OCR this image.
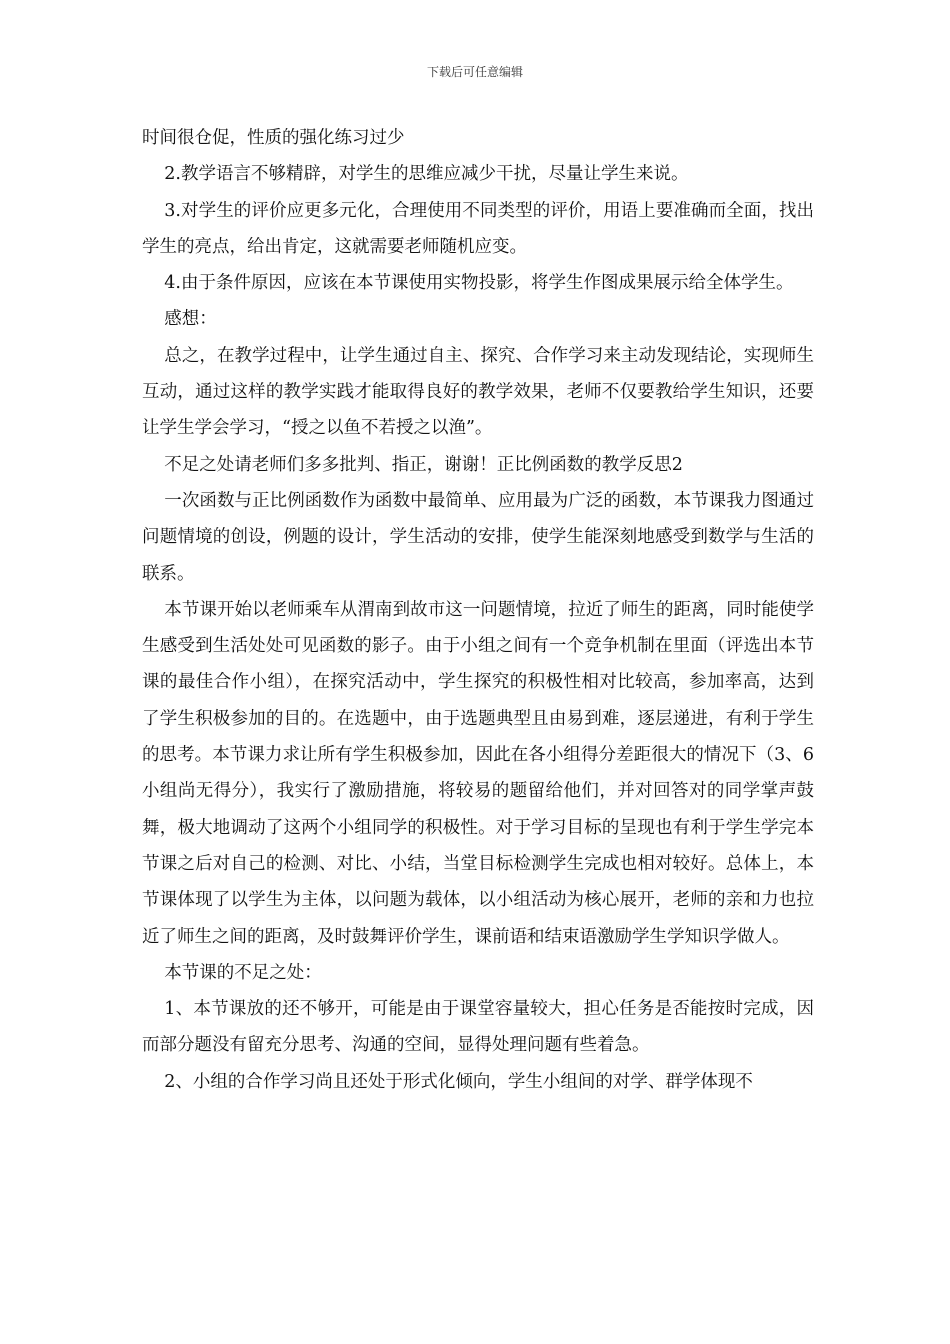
下载后可任意编辑

时间很仓促，性质的强化练习过少

2.教学语言不够精辟，对学生的思维应减少干扰，尽量让学生来说。

3.对学生的评价应更多元化，合理使用不同类型的评价，用语上要准确而全面，找出学生的亮点，给出肯定，这就需要老师随机应变。

4.由于条件原因，应该在本节课使用实物投影，将学生作图成果展示给全体学生。

感想：

总之，在教学过程中，让学生通过自主、探究、合作学习来主动发现结论，实现师生互动，通过这样的教学实践才能取得良好的教学效果，老师不仅要教给学生知识，还要让学生学会学习，“授之以鱼不若授之以渔”。

不足之处请老师们多多批判、指正，谢谢！正比例函数的教学反思2

一次函数与正比例函数作为函数中最简单、应用最为广泛的函数，本节课我力图通过问题情境的创设，例题的设计，学生活动的安排，使学生能深刻地感受到数学与生活的联系。

本节课开始以老师乘车从渭南到故市这一问题情境，拉近了师生的距离，同时能使学生感受到生活处处可见函数的影子。由于小组之间有一个竞争机制在里面（评选出本节课的最佳合作小组），在探究活动中，学生探究的积极性相对比较高，参加率高，达到了学生积极参加的目的。在选题中，由于选题典型且由易到难，逐层递进，有利于学生的思考。本节课力求让所有学生积极参加，因此在各小组得分差距很大的情况下（3、6小组尚无得分），我实行了激励措施，将较易的题留给他们，并对回答对的同学掌声鼓舞，极大地调动了这两个小组同学的积极性。对于学习目标的呈现也有利于学生学完本节课之后对自己的检测、对比、小结，当堂目标检测学生完成也相对较好。总体上，本节课体现了以学生为主体，以问题为载体，以小组活动为核心展开，老师的亲和力也拉近了师生之间的距离，及时鼓舞评价学生，课前语和结束语激励学生学知识学做人。

本节课的不足之处：

1、本节课放的还不够开，可能是由于课堂容量较大，担心任务是否能按时完成，因而部分题没有留充分思考、沟通的空间，显得处理问题有些着急。

2、小组的合作学习尚且还处于形式化倾向，学生小组间的对学、群学体现不
